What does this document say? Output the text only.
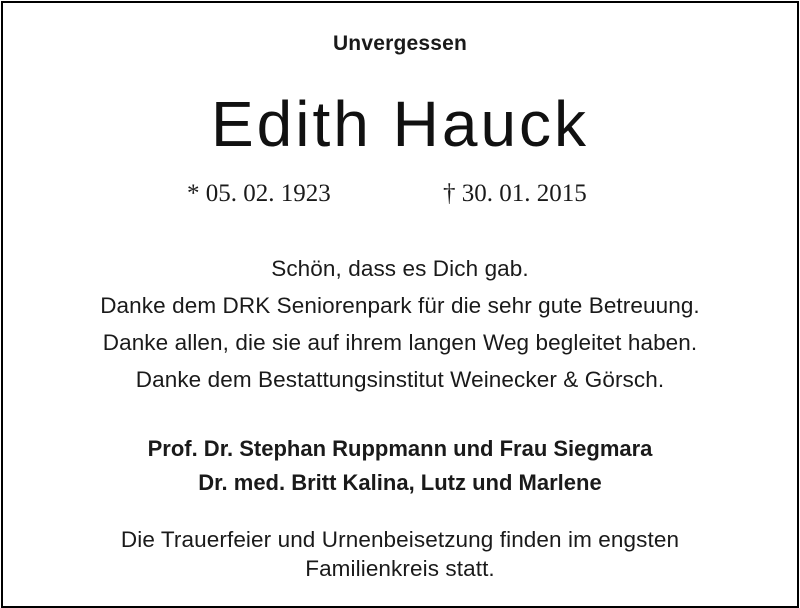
Unvergessen
Edith Hauck
* 05. 02. 1923	† 30. 01. 2015
Schön, dass es Dich gab.
Danke dem DRK Seniorenpark für die sehr gute Betreuung.
Danke allen, die sie auf ihrem langen Weg begleitet haben.
Danke dem Bestattungsinstitut Weinecker & Görsch.
Prof. Dr. Stephan Ruppmann und Frau Siegmara
Dr. med. Britt Kalina, Lutz und Marlene
Die Trauerfeier und Urnenbeisetzung finden im engsten
Familienkreis statt.
